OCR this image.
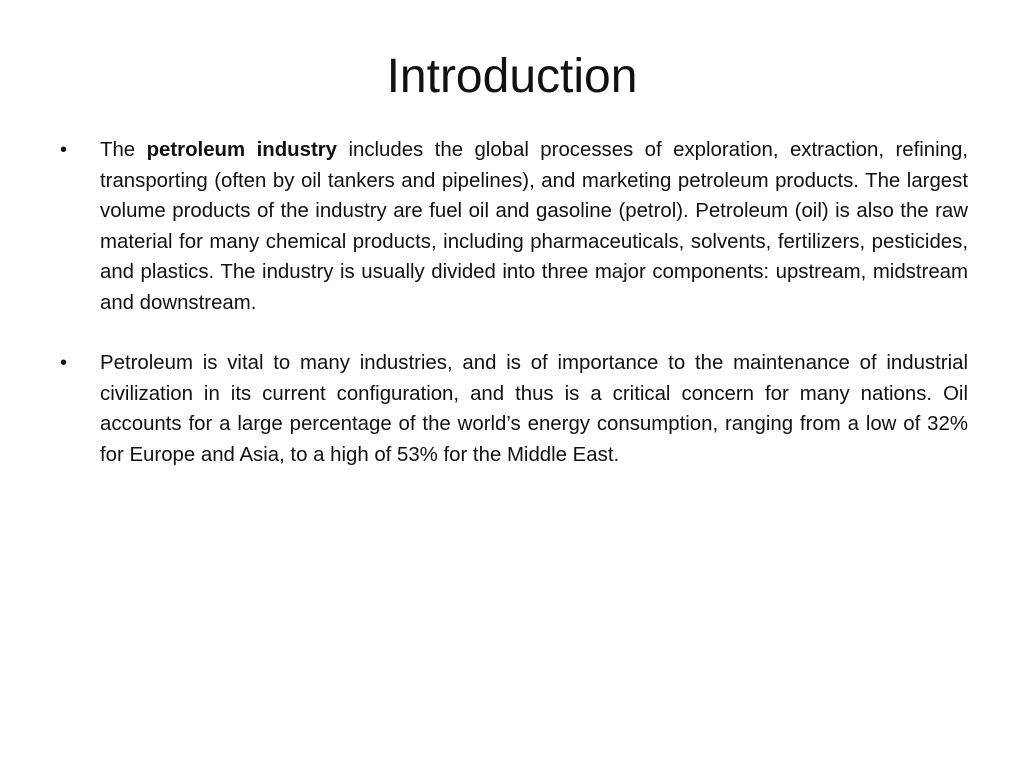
Introduction
• The petroleum industry includes the global processes of exploration, extraction, refining, transporting (often by oil tankers and pipelines), and marketing petroleum products. The largest volume products of the industry are fuel oil and gasoline (petrol). Petroleum (oil) is also the raw material for many chemical products, including pharmaceuticals, solvents, fertilizers, pesticides, and plastics. The industry is usually divided into three major components: upstream, midstream and downstream.

• Petroleum is vital to many industries, and is of importance to the maintenance of industrial civilization in its current configuration, and thus is a critical concern for many nations. Oil accounts for a large percentage of the world’s energy consumption, ranging from a low of 32% for Europe and Asia, to a high of 53% for the Middle East.
